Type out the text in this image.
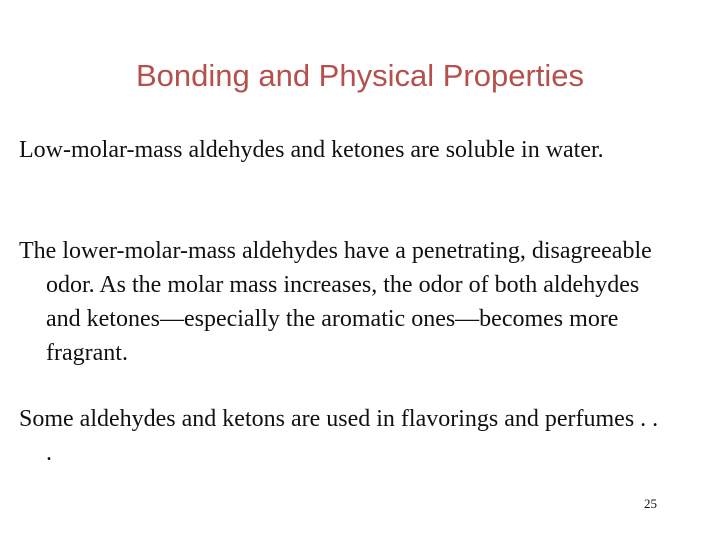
Bonding and Physical Properties
Low-molar-mass aldehydes and ketones are soluble in water.
The lower-molar-mass aldehydes have a penetrating, disagreeable odor. As the molar mass increases, the odor of both aldehydes and ketones—especially the aromatic ones—becomes more fragrant.
Some aldehydes and ketons are used in flavorings and perfumes . . .
25
